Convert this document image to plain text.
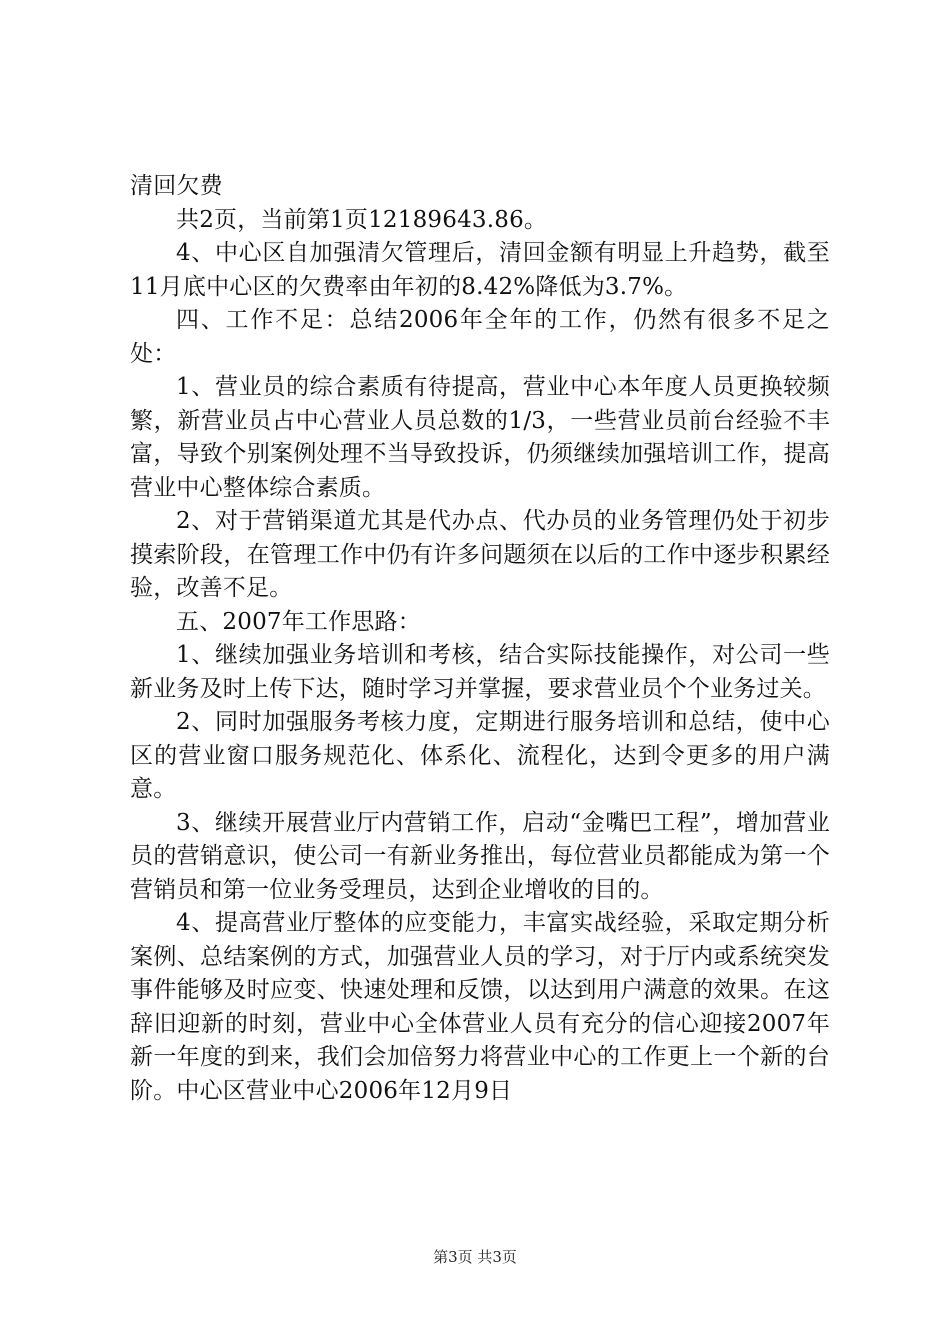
清回欠费

共2页，当前第1页12189643.86。

4、中心区自加强清欠管理后，清回金额有明显上升趋势，截至11月底中心区的欠费率由年初的8.42%降低为3.7%。

四、工作不足：总结2006年全年的工作，仍然有很多不足之处：

1、营业员的综合素质有待提高，营业中心本年度人员更换较频繁，新营业员占中心营业人员总数的1/3，一些营业员前台经验不丰富，导致个别案例处理不当导致投诉，仍须继续加强培训工作，提高营业中心整体综合素质。

2、对于营销渠道尤其是代办点、代办员的业务管理仍处于初步摸索阶段，在管理工作中仍有许多问题须在以后的工作中逐步积累经验，改善不足。

五、2007年工作思路：

1、继续加强业务培训和考核，结合实际技能操作，对公司一些新业务及时上传下达，随时学习并掌握，要求营业员个个业务过关。

2、同时加强服务考核力度，定期进行服务培训和总结，使中心区的营业窗口服务规范化、体系化、流程化，达到令更多的用户满意。

3、继续开展营业厅内营销工作，启动“金嘴巴工程”，增加营业员的营销意识，使公司一有新业务推出，每位营业员都能成为第一个营销员和第一位业务受理员，达到企业增收的目的。

4、提高营业厅整体的应变能力，丰富实战经验，采取定期分析案例、总结案例的方式，加强营业人员的学习，对于厅内或系统突发事件能够及时应变、快速处理和反馈，以达到用户满意的效果。在这辞旧迎新的时刻，营业中心全体营业人员有充分的信心迎接2007年新一年度的到来，我们会加倍努力将营业中心的工作更上一个新的台阶。中心区营业中心2006年12月9日

第3页 共3页
